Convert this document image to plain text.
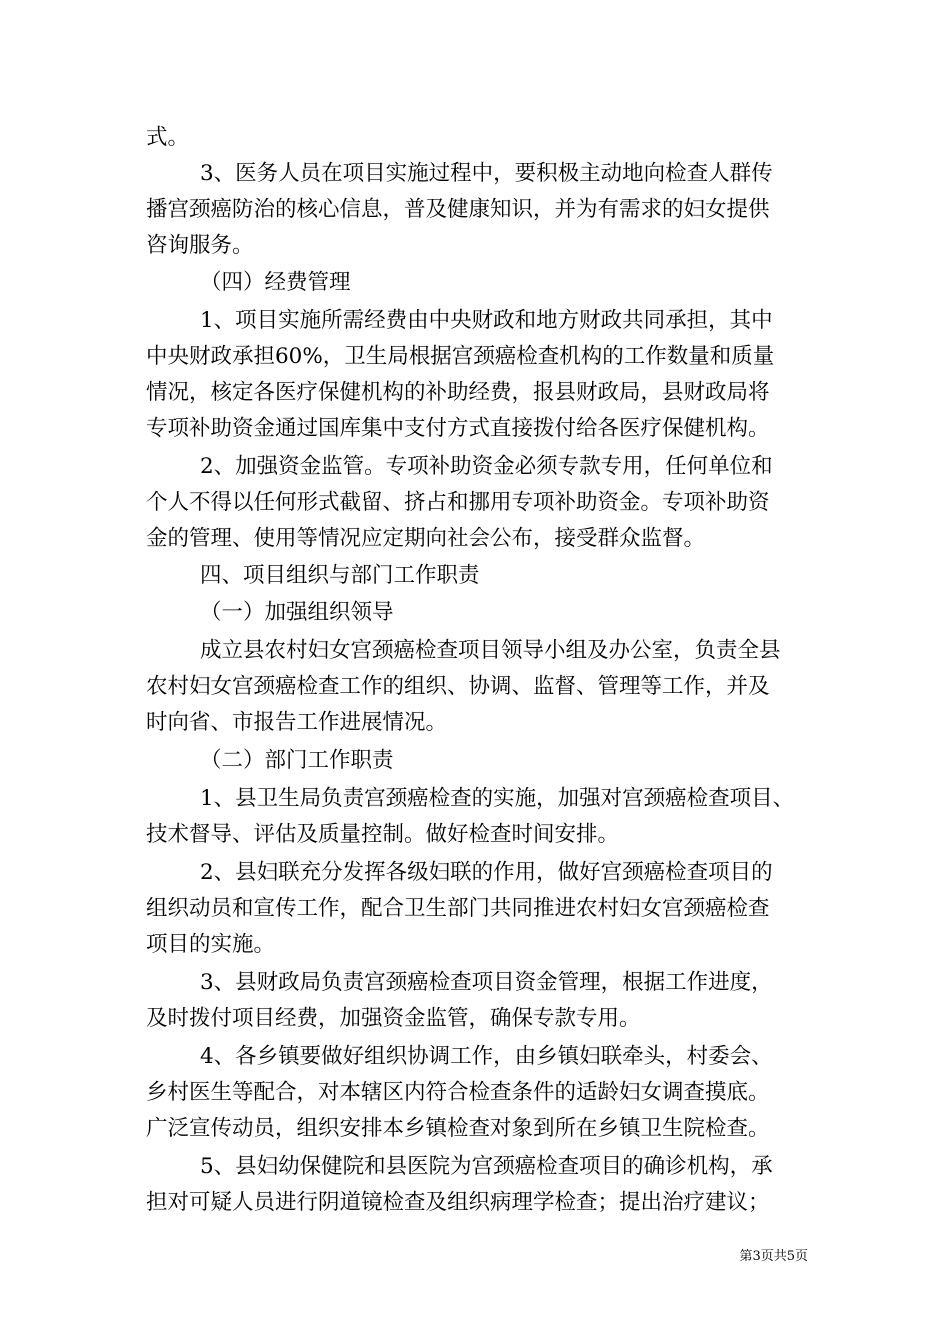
式。
3、医务人员在项目实施过程中，要积极主动地向检查人群传
播宫颈癌防治的核心信息，普及健康知识，并为有需求的妇女提供
咨询服务。
（四）经费管理
1、项目实施所需经费由中央财政和地方财政共同承担，其中
中央财政承担60%，卫生局根据宫颈癌检查机构的工作数量和质量
情况，核定各医疗保健机构的补助经费，报县财政局，县财政局将
专项补助资金通过国库集中支付方式直接拨付给各医疗保健机构。
2、加强资金监管。专项补助资金必须专款专用，任何单位和
个人不得以任何形式截留、挤占和挪用专项补助资金。专项补助资
金的管理、使用等情况应定期向社会公布，接受群众监督。
四、项目组织与部门工作职责
（一）加强组织领导
成立县农村妇女宫颈癌检查项目领导小组及办公室，负责全县
农村妇女宫颈癌检查工作的组织、协调、监督、管理等工作，并及
时向省、市报告工作进展情况。
（二）部门工作职责
1、县卫生局负责宫颈癌检查的实施，加强对宫颈癌检查项目、
技术督导、评估及质量控制。做好检查时间安排。
2、县妇联充分发挥各级妇联的作用，做好宫颈癌检查项目的
组织动员和宣传工作，配合卫生部门共同推进农村妇女宫颈癌检查
项目的实施。
3、县财政局负责宫颈癌检查项目资金管理，根据工作进度，
及时拨付项目经费，加强资金监管，确保专款专用。
4、各乡镇要做好组织协调工作，由乡镇妇联牵头，村委会、
乡村医生等配合，对本辖区内符合检查条件的适龄妇女调查摸底。
广泛宣传动员，组织安排本乡镇检查对象到所在乡镇卫生院检查。
5、县妇幼保健院和县医院为宫颈癌检查项目的确诊机构，承
担对可疑人员进行阴道镜检查及组织病理学检查；提出治疗建议；
第3页共5页
